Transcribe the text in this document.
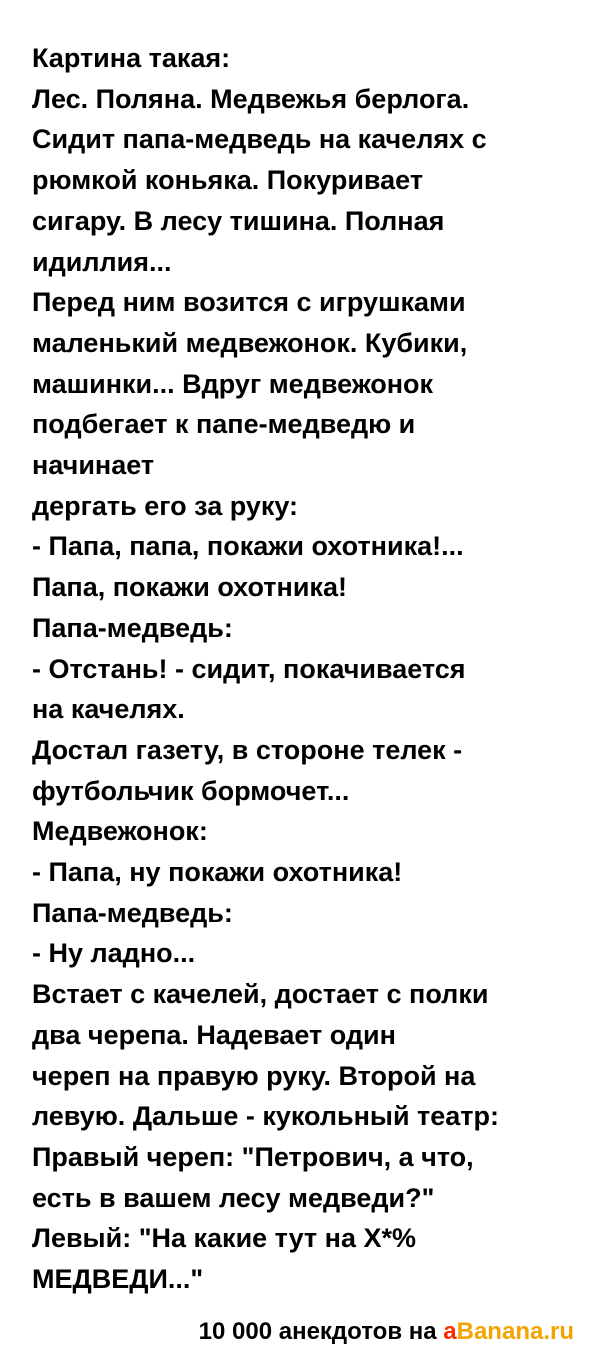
Картина такая:
Лес. Поляна. Медвежья берлога.
Сидит папа-медведь на качелях с
рюмкой коньяка. Покуривает
сигару. В лесу тишина. Полная
идиллия...
Перед ним возится с игрушками
маленький медвежонок. Кубики,
машинки... Вдруг медвежонок
подбегает к папе-медведю и
начинает
дергать его за руку:
- Папа, папа, покажи охотника!...
Папа, покажи охотника!
Папа-медведь:
- Отстань! - сидит, покачивается
на качелях.
Достал газету, в стороне телек -
футбольчик бормочет...
Медвежонок:
- Папа, ну покажи охотника!
Папа-медведь:
- Ну ладно...
Встает с качелей, достает с полки
два черепа. Надевает один
череп на правую руку. Второй на
левую. Дальше - кукольный театр:
Правый череп: "Петрович, а что,
есть в вашем лесу медведи?"
Левый: "На какие тут на Х*%
МЕДВЕДИ..."
10 000 анекдотов на aBanana.ru
